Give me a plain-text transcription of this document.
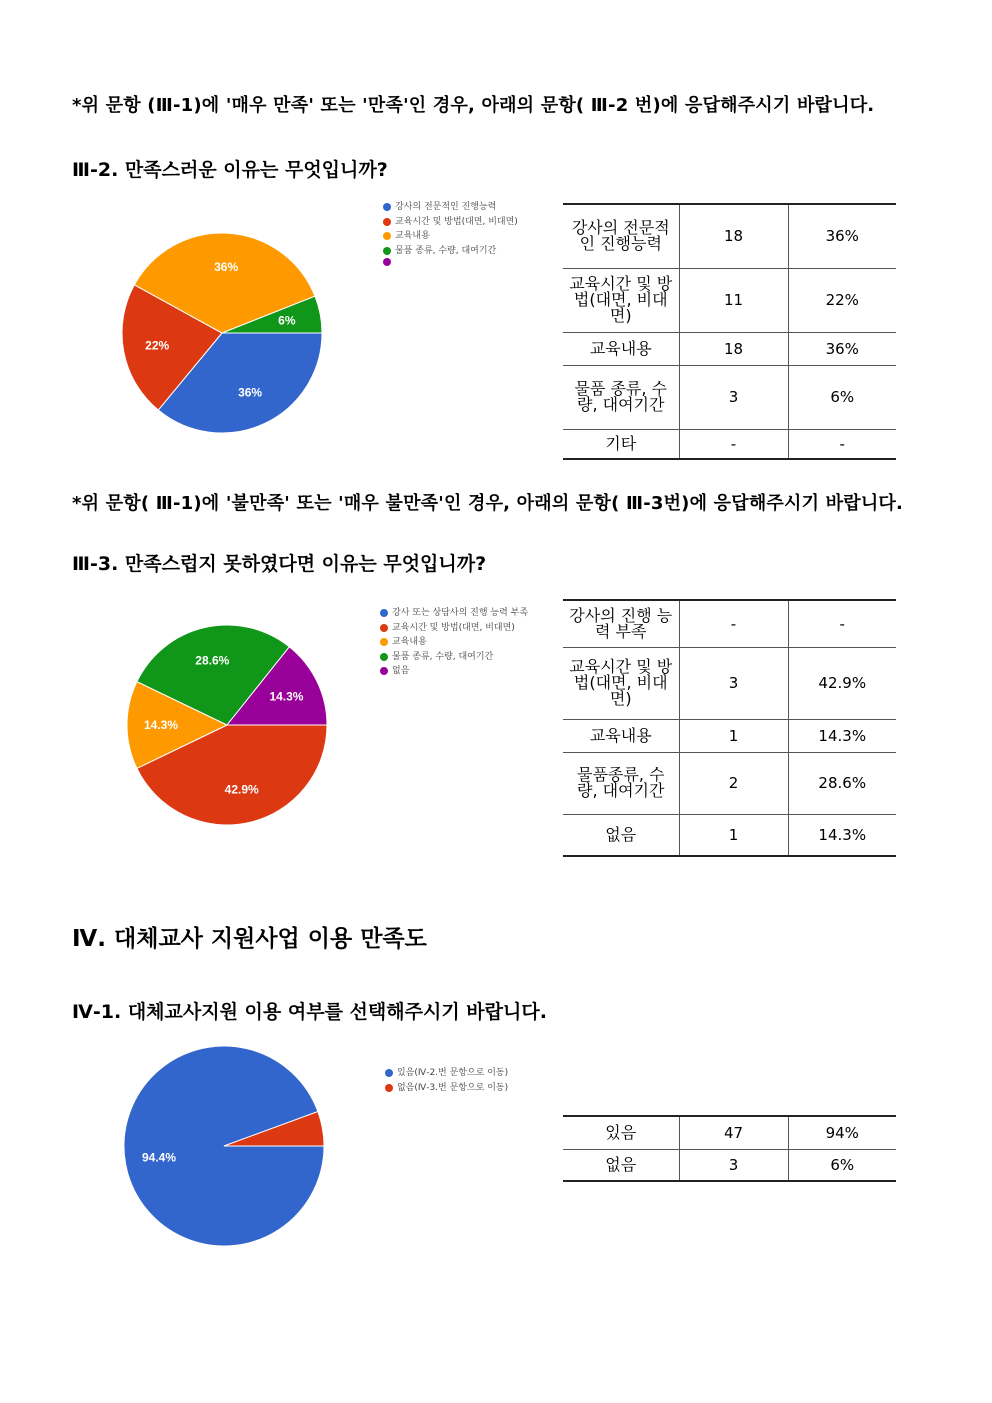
*위 문항 (Ⅲ-1)에 '매우 만족' 또는 '만족'인 경우, 아래의 문항( Ⅲ-2 번)에 응답해주시기 바랍니다.
Ⅲ-2. 만족스러운 이유는 무엇입니까?
36%
22%
36%
6%
강사의 전문적인 진행능력
교육시간 및 방법(대면, 비대면)
교육내용
물품 종류, 수량, 대여기간
강사의 전문적인 진행능력	18	36%
교육시간 및 방법(대면, 비대면)	11	22%
교육내용	18	36%
물품 종류, 수량, 대여기간	3	6%
기타	-	-
*위 문항( Ⅲ-1)에 '불만족' 또는 '매우 불만족'인 경우, 아래의 문항( Ⅲ-3번)에 응답해주시기 바랍니다.
Ⅲ-3. 만족스럽지 못하였다면 이유는 무엇입니까?
42.9%
14.3%
28.6%
14.3%
강사 또는 상담사의 진행 능력 부족
교육시간 및 방법(대면, 비대면)
교육내용
물품 종류, 수량, 대여기간
없음
강사의 진행 능력 부족	-	-
교육시간 및 방법(대면, 비대면)	3	42.9%
교육내용	1	14.3%
물품종류, 수량, 대여기간	2	28.6%
없음	1	14.3%
Ⅳ. 대체교사 지원사업 이용 만족도
Ⅳ-1. 대체교사지원 이용 여부를 선택해주시기 바랍니다.
94.4%
있음(Ⅳ-2.번 문항으로 이동)
없음(Ⅳ-3.번 문항으로 이동)
있음	47	94%
없음	3	6%
